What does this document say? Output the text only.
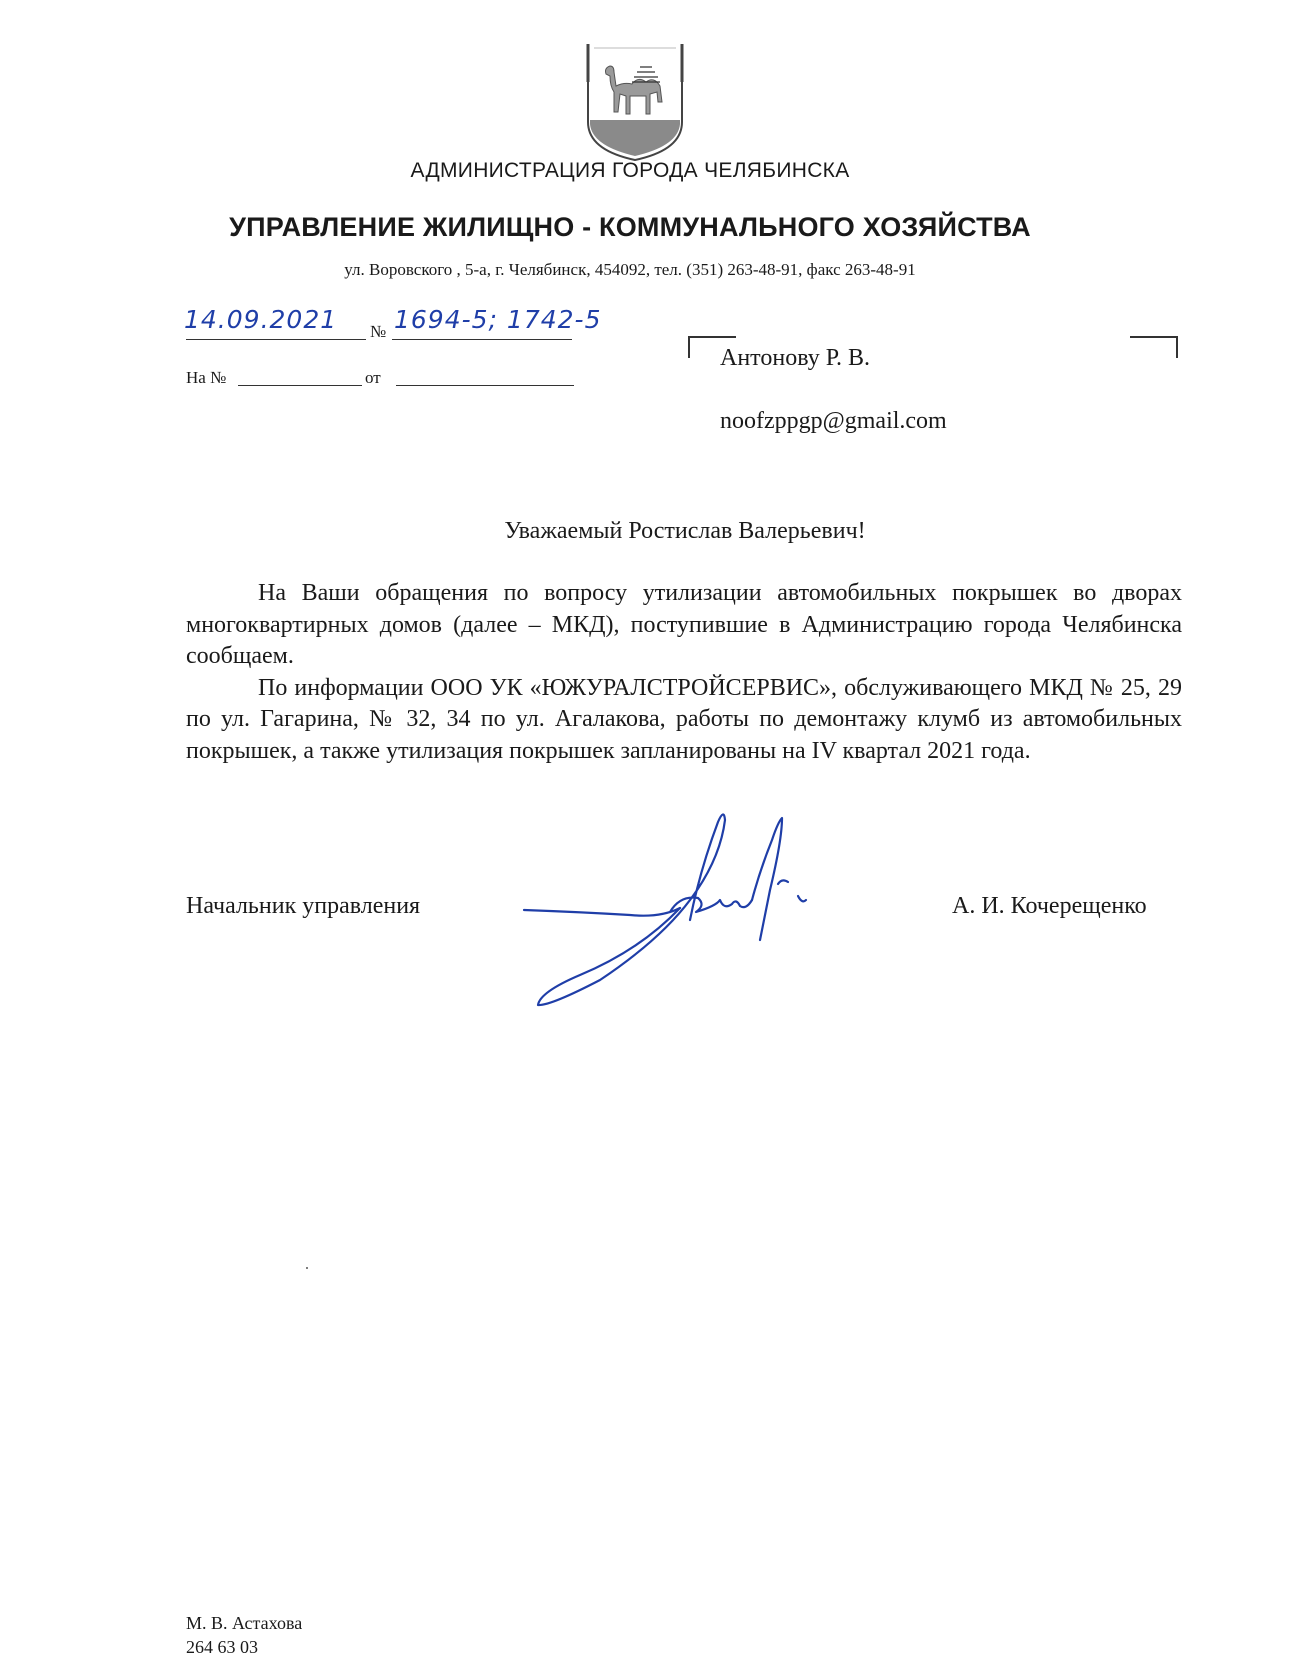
АДМИНИСТРАЦИЯ ГОРОДА ЧЕЛЯБИНСКА
УПРАВЛЕНИЕ ЖИЛИЩНО - КОММУНАЛЬНОГО ХОЗЯЙСТВА
ул. Воровского , 5-а, г. Челябинск, 454092, тел. (351) 263-48-91, факс 263-48-91
14.09.2021 № 1694-5; 1742-5
На №	от
Антонову Р. В.
noofzppgp@gmail.com
Уважаемый Ростислав Валерьевич!

На Ваши обращения по вопросу утилизации автомобильных покрышек во дворах многоквартирных домов (далее – МКД), поступившие в Администрацию города Челябинска сообщаем.

По информации ООО УК «ЮЖУРАЛСТРОЙСЕРВИС», обслуживающего МКД № 25, 29 по ул. Гагарина, № 32, 34 по ул. Агалакова, работы по демонтажу клумб из автомобильных покрышек, а также утилизация покрышек запланированы на IV квартал 2021 года.

Начальник управления	А. И. Кочерещенко
М. В. Астахова
264 63 03
